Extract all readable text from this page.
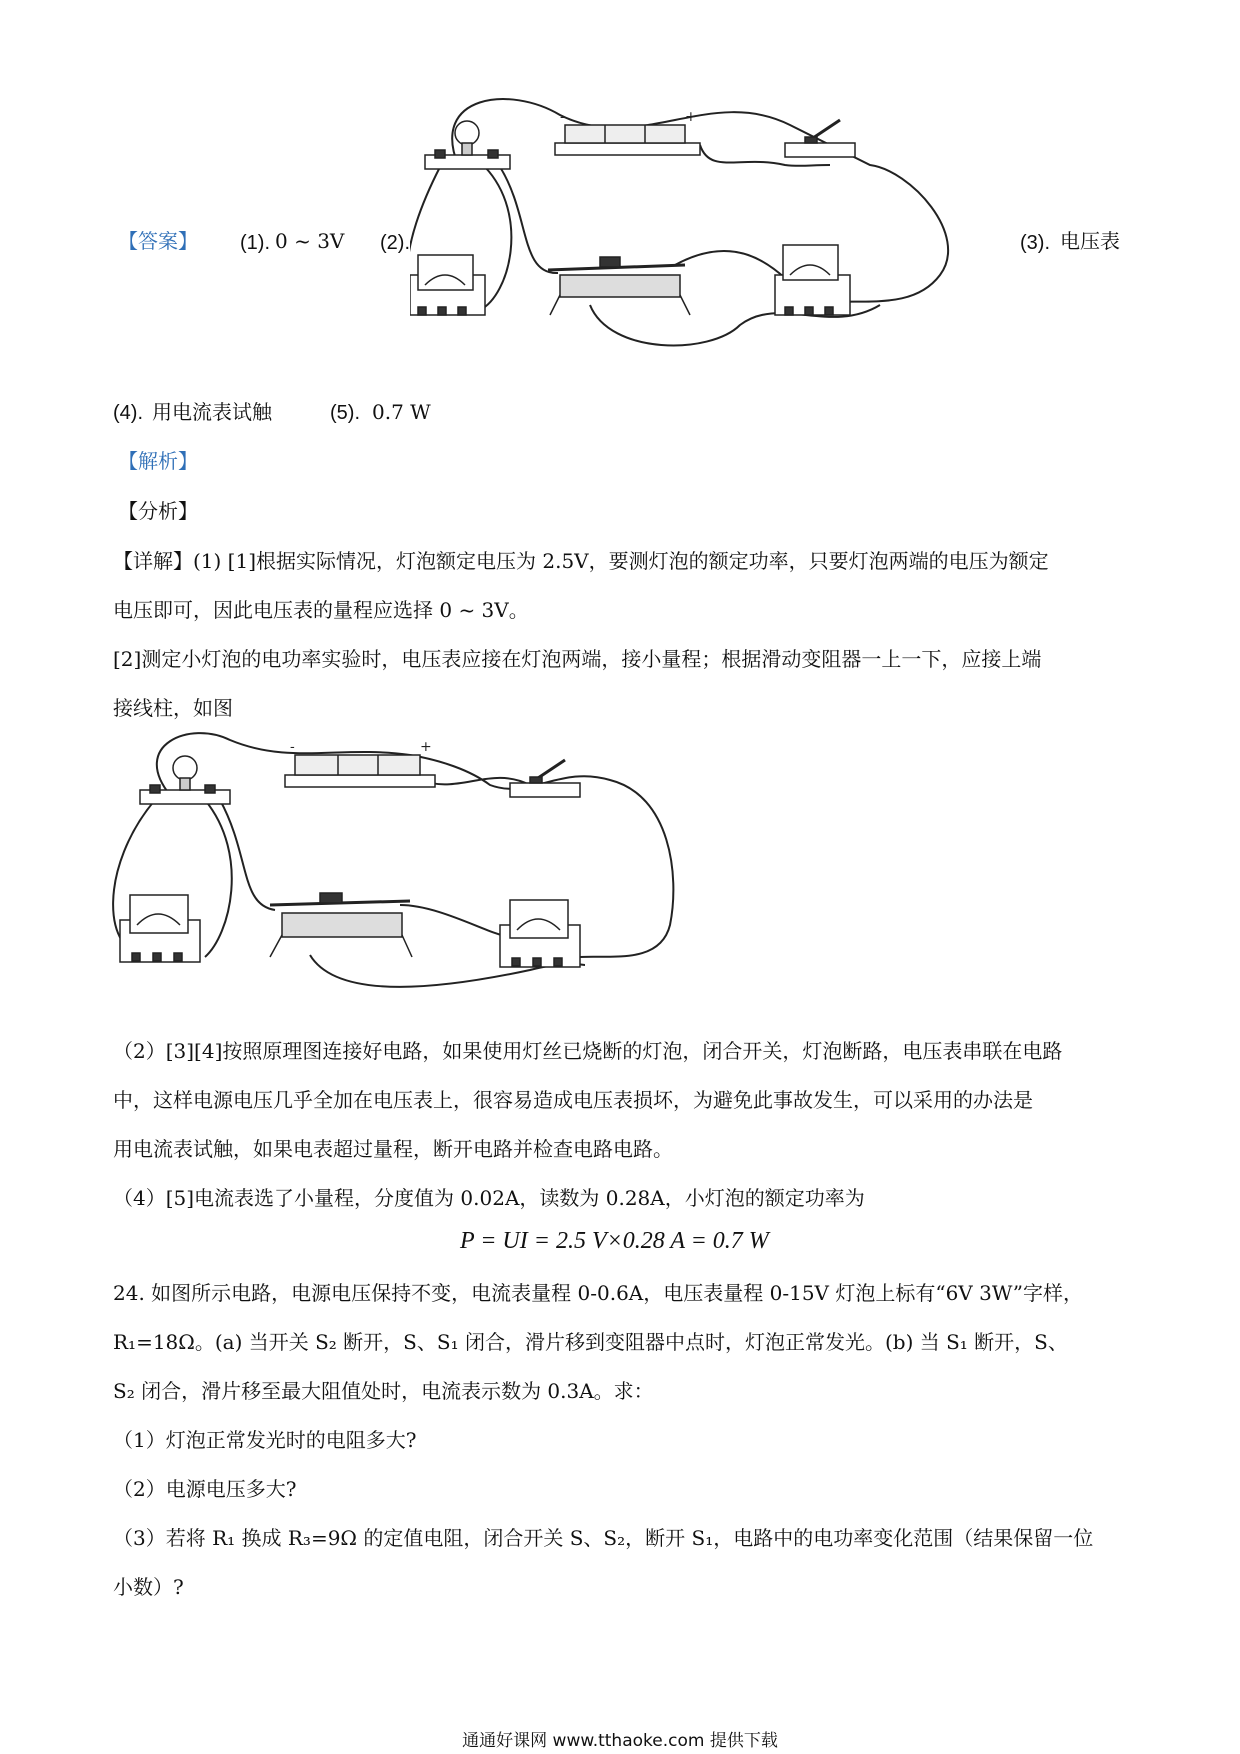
【答案】 (1). 0 ~ 3V (2).	(3). 电压表
-	+
(4). 用电流表试触	(5). 0.7 W
【解析】
【分析】
【详解】(1) [1]根据实际情况，灯泡额定电压为 2.5V，要测灯泡的额定功率，只要灯泡两端的电压为额定
电压即可，因此电压表的量程应选择 0 ~ 3V。
[2]测定小灯泡的电功率实验时，电压表应接在灯泡两端，接小量程；根据滑动变阻器一上一下，应接上端
接线柱，如图
-	+
（2）[3][4]按照原理图连接好电路，如果使用灯丝已烧断的灯泡，闭合开关，灯泡断路，电压表串联在电路
中，这样电源电压几乎全加在电压表上，很容易造成电压表损坏，为避免此事故发生，可以采用的办法是
用电流表试触，如果电表超过量程，断开电路并检查电路电路。
（4）[5]电流表选了小量程，分度值为 0.02A，读数为 0.28A，小灯泡的额定功率为
P = UI = 2.5 V×0.28 A = 0.7 W
24. 如图所示电路，电源电压保持不变，电流表量程 0-0.6A，电压表量程 0-15V 灯泡上标有“6V 3W”字样，
R₁=18Ω。(a) 当开关 S₂ 断开，S、S₁ 闭合，滑片移到变阻器中点时，灯泡正常发光。(b) 当 S₁ 断开，S、
S₂ 闭合，滑片移至最大阻值处时，电流表示数为 0.3A。求：
（1）灯泡正常发光时的电阻多大?
（2）电源电压多大?
（3）若将 R₁ 换成 R₃=9Ω 的定值电阻，闭合开关 S、S₂，断开 S₁，电路中的电功率变化范围（结果保留一位
小数）?
通通好课网 www.tthaoke.com 提供下载
